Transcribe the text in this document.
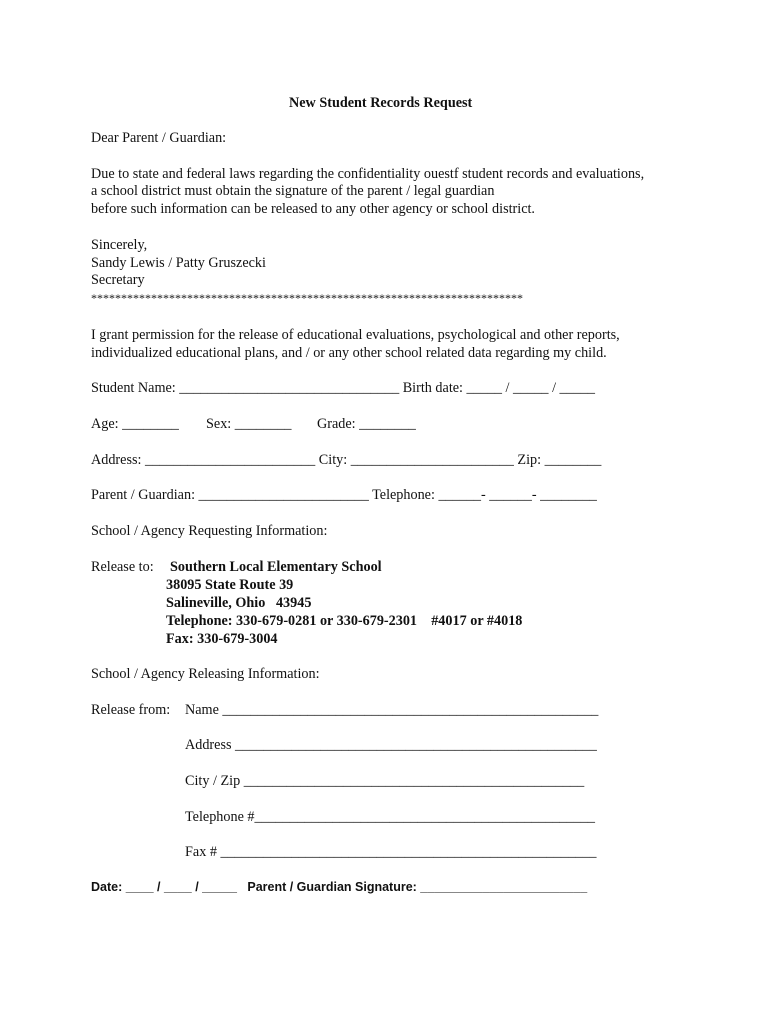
New Student Records Request
Dear Parent / Guardian:
Due to state and federal laws regarding the confidentiality ouestf student records and evaluations,
a school district must obtain the signature of the parent / legal guardian
before such information can be released to any other agency or school district.
Sincerely,
Sandy Lewis / Patty Gruszecki
Secretary
************************************************************************
I grant permission for the release of educational evaluations, psychological and other reports,
individualized educational plans, and / or any other school related data regarding my child.
Student Name: _______________________________ Birth date: _____ / _____ / _____
Age: ________ Sex: ________ Grade: ________
Address: ________________________ City: _______________________ Zip: ________
Parent / Guardian: ________________________ Telephone: ______- ______- ________
School / Agency Requesting Information:
Release to: Southern Local Elementary School
38095 State Route 39
Salineville, Ohio   43945
Telephone: 330-679-0281 or 330-679-2301    #4017 or #4018
Fax: 330-679-3004
School / Agency Releasing Information:
Release from: Name _____________________________________________________
Address ___________________________________________________
City / Zip ________________________________________________
Telephone #________________________________________________
Fax # _____________________________________________________
Date: ____ / ____ / _____   Parent / Guardian Signature: ________________________
